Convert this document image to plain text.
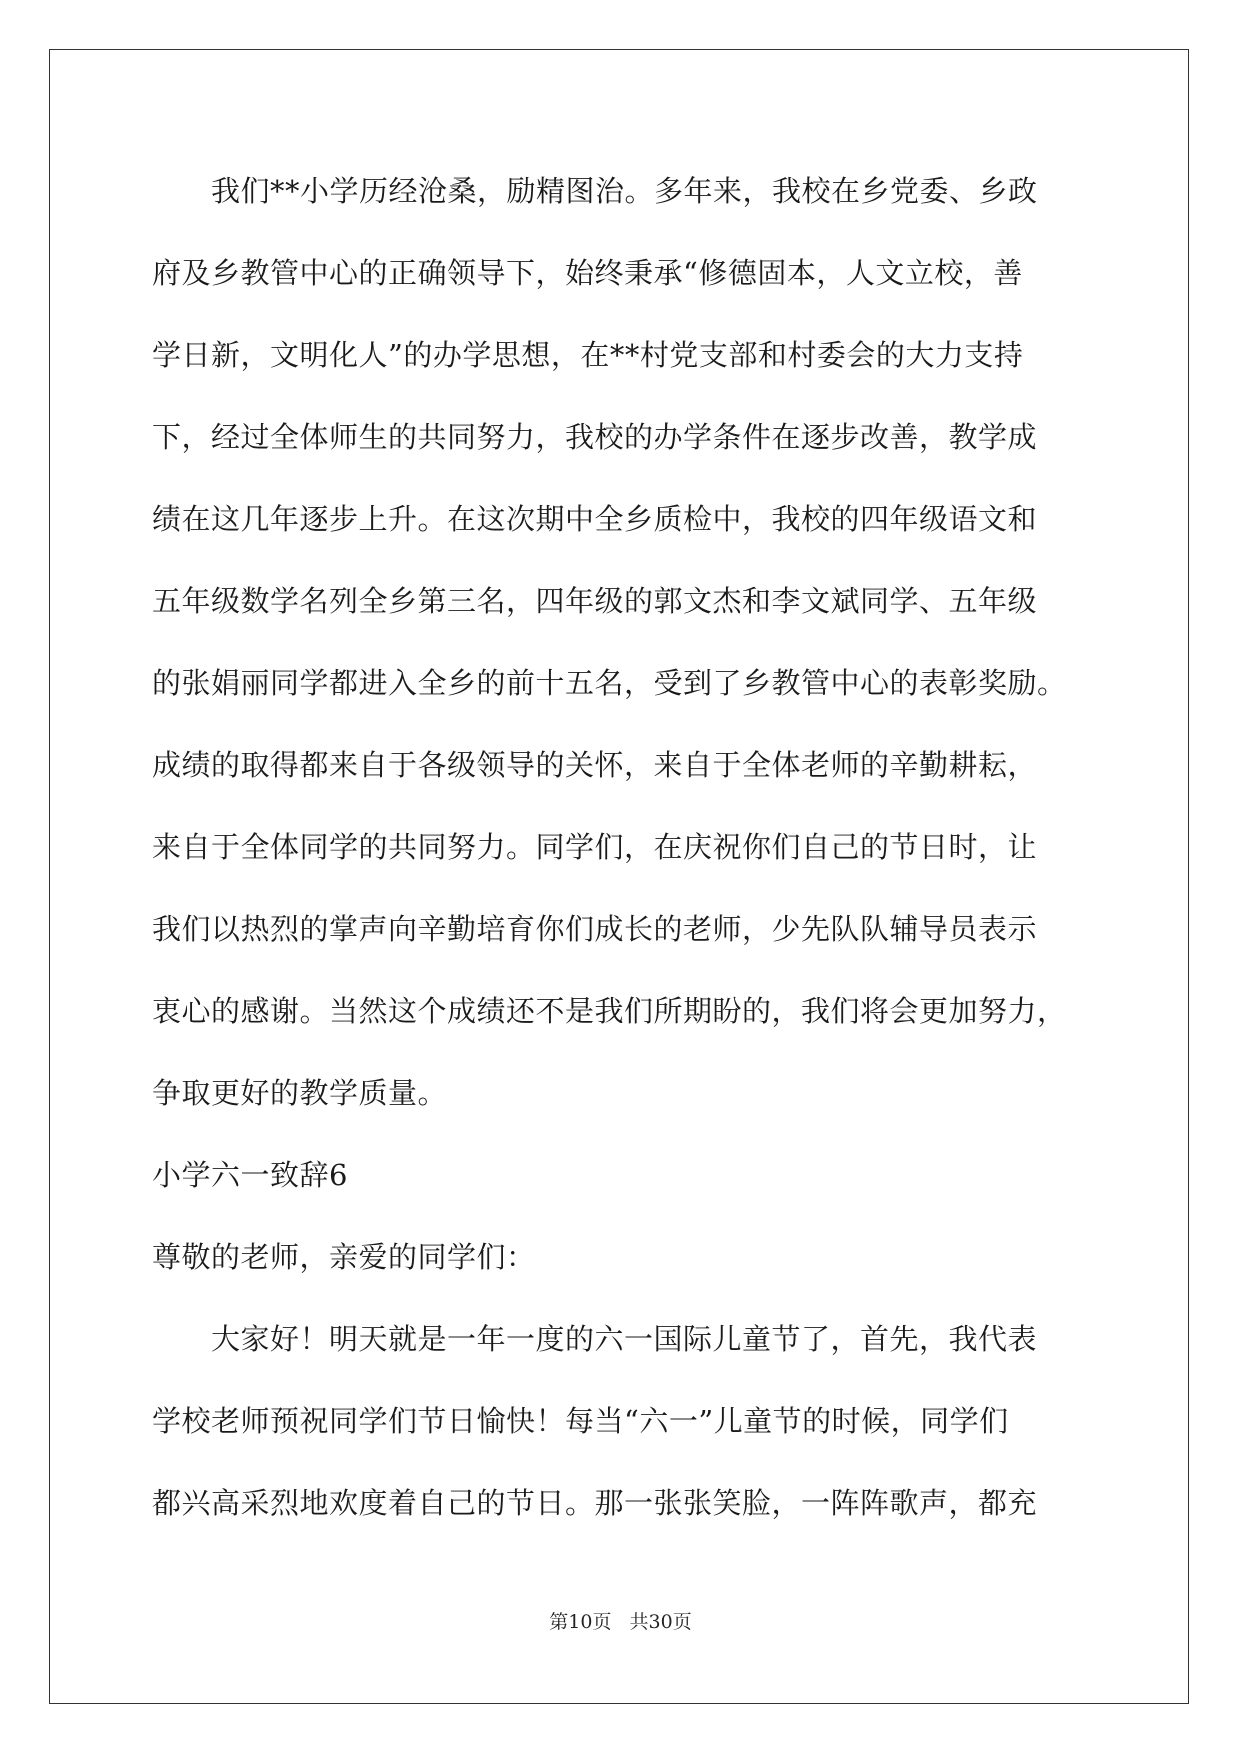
　　我们**小学历经沧桑，励精图治。多年来，我校在乡党委、乡政
府及乡教管中心的正确领导下，始终秉承“修德固本，人文立校，善
学日新，文明化人”的办学思想，在**村党支部和村委会的大力支持
下，经过全体师生的共同努力，我校的办学条件在逐步改善，教学成
绩在这几年逐步上升。在这次期中全乡质检中，我校的四年级语文和
五年级数学名列全乡第三名，四年级的郭文杰和李文斌同学、五年级
的张娟丽同学都进入全乡的前十五名，受到了乡教管中心的表彰奖励。
成绩的取得都来自于各级领导的关怀，来自于全体老师的辛勤耕耘，
来自于全体同学的共同努力。同学们，在庆祝你们自己的节日时，让
我们以热烈的掌声向辛勤培育你们成长的老师，少先队队辅导员表示
衷心的感谢。当然这个成绩还不是我们所期盼的，我们将会更加努力，
争取更好的教学质量。
小学六一致辞6
尊敬的老师，亲爱的同学们：
　　大家好！明天就是一年一度的六一国际儿童节了，首先，我代表
学校老师预祝同学们节日愉快！每当“六一”儿童节的时候，同学们
都兴高采烈地欢度着自己的节日。那一张张笑脸，一阵阵歌声，都充
第10页 共30页
